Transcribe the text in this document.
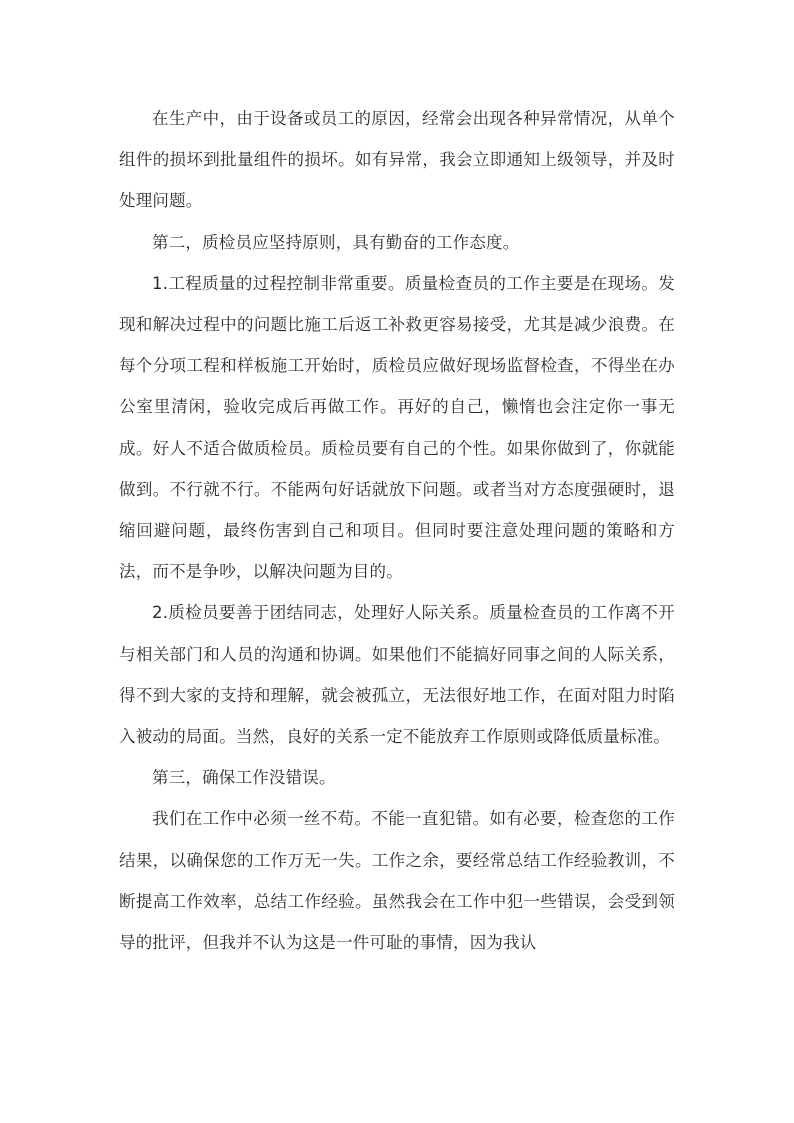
在生产中，由于设备或员工的原因，经常会出现各种异常情况，从单个组件的损坏到批量组件的损坏。如有异常，我会立即通知上级领导，并及时处理问题。

第二，质检员应坚持原则，具有勤奋的工作态度。

1.工程质量的过程控制非常重要。质量检查员的工作主要是在现场。发现和解决过程中的问题比施工后返工补救更容易接受，尤其是减少浪费。在每个分项工程和样板施工开始时，质检员应做好现场监督检查，不得坐在办公室里清闲，验收完成后再做工作。再好的自己，懒惰也会注定你一事无成。好人不适合做质检员。质检员要有自己的个性。如果你做到了，你就能做到。不行就不行。不能两句好话就放下问题。或者当对方态度强硬时，退缩回避问题，最终伤害到自己和项目。但同时要注意处理问题的策略和方法，而不是争吵，以解决问题为目的。

2.质检员要善于团结同志，处理好人际关系。质量检查员的工作离不开与相关部门和人员的沟通和协调。如果他们不能搞好同事之间的人际关系，得不到大家的支持和理解，就会被孤立，无法很好地工作，在面对阻力时陷入被动的局面。当然，良好的关系一定不能放弃工作原则或降低质量标准。

第三，确保工作没错误。

我们在工作中必须一丝不苟。不能一直犯错。如有必要，检查您的工作结果，以确保您的工作万无一失。工作之余，要经常总结工作经验教训，不断提高工作效率，总结工作经验。虽然我会在工作中犯一些错误，会受到领导的批评，但我并不认为这是一件可耻的事情，因为我认
